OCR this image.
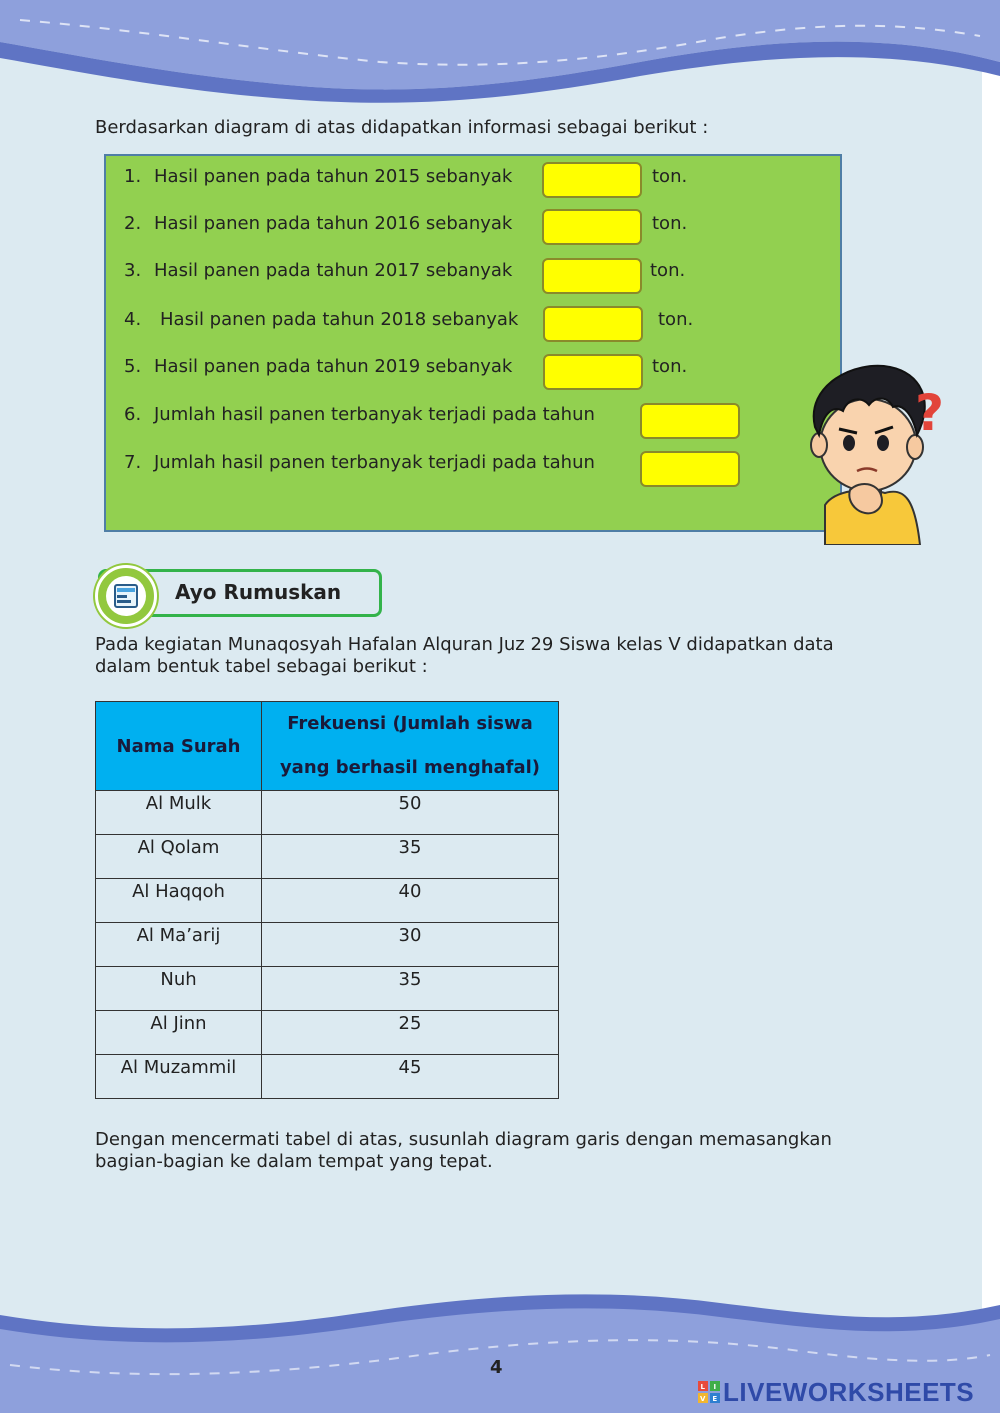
Berdasarkan diagram di atas didapatkan informasi sebagai berikut :

1. Hasil panen pada tahun 2015 sebanyak	ton.
2. Hasil panen pada tahun 2016 sebanyak	ton.
3. Hasil panen pada tahun 2017 sebanyak	ton.
4. Hasil panen pada tahun 2018 sebanyak	ton.
5. Hasil panen pada tahun 2019 sebanyak	ton.
6. Jumlah hasil panen terbanyak terjadi pada tahun
7. Jumlah hasil panen terbanyak terjadi pada tahun
?
Ayo Rumuskan

Pada kegiatan Munaqosyah Hafalan Alquran Juz 29 Siswa kelas V didapatkan data

dalam bentuk tabel sebagai berikut :

Nama Surah	Frekuensi (Jumlah siswa
yang berhasil menghafal)

Al Mulk	50
Al Qolam	35
Al Haqqoh	40
Al Ma’arij	30
Nuh	35
Al Jinn	25
Al Muzammil	45

Dengan mencermati tabel di atas, susunlah diagram garis dengan memasangkan

bagian-bagian ke dalam tempat yang tepat.

4
L I
V E LIVEWORKSHEETS
